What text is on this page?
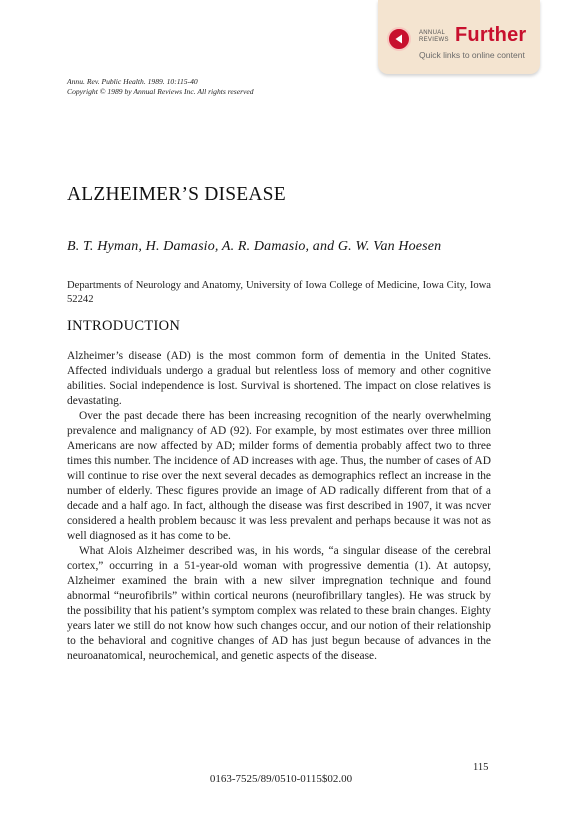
ANNUAL
REVIEWS Further
Quick links to online content
Annu. Rev. Public Health. 1989. 10:115-40
Copyright © 1989 by Annual Reviews Inc. All rights reserved
ALZHEIMER’S DISEASE
B. T. Hyman, H. Damasio, A. R. Damasio, and G. W. Van Hoesen
Departments of Neurology and Anatomy, University of Iowa College of Medicine, Iowa City, Iowa 52242
INTRODUCTION

Alzheimer’s disease (AD) is the most common form of dementia in the United States. Affected individuals undergo a gradual but relentless loss of memory and other cognitive abilities. Social independence is lost. Survival is shortened. The impact on close relatives is devastating.

Over the past decade there has been increasing recognition of the nearly overwhelming prevalence and malignancy of AD (92). For example, by most estimates over three million Americans are now affected by AD; milder forms of dementia probably affect two to three times this number. The incidence of AD increases with age. Thus, the number of cases of AD will continue to rise over the next several decades as demographics reflect an increase in the number of elderly. Thesc figures provide an image of AD radically different from that of a decade and a half ago. In fact, although the disease was first described in 1907, it was ncver considered a health problem becausc it was less prevalent and perhaps because it was not as well diagnosed as it has come to be.

What Alois Alzheimer described was, in his words, “a singular disease of the cerebral cortex,” occurring in a 51-year-old woman with progressive dementia (1). At autopsy, Alzheimer examined the brain with a new silver impregnation technique and found abnormal “neurofibrils” within cortical neurons (neurofibrillary tangles). He was struck by the possibility that his patient’s symptom complex was related to these brain changes. Eighty years later we still do not know how such changes occur, and our notion of their relationship to the behavioral and cognitive changes of AD has just begun because of advances in the neuroanatomical, neurochemical, and genetic aspects of the disease.

115
0163-7525/89/0510-0115$02.00
